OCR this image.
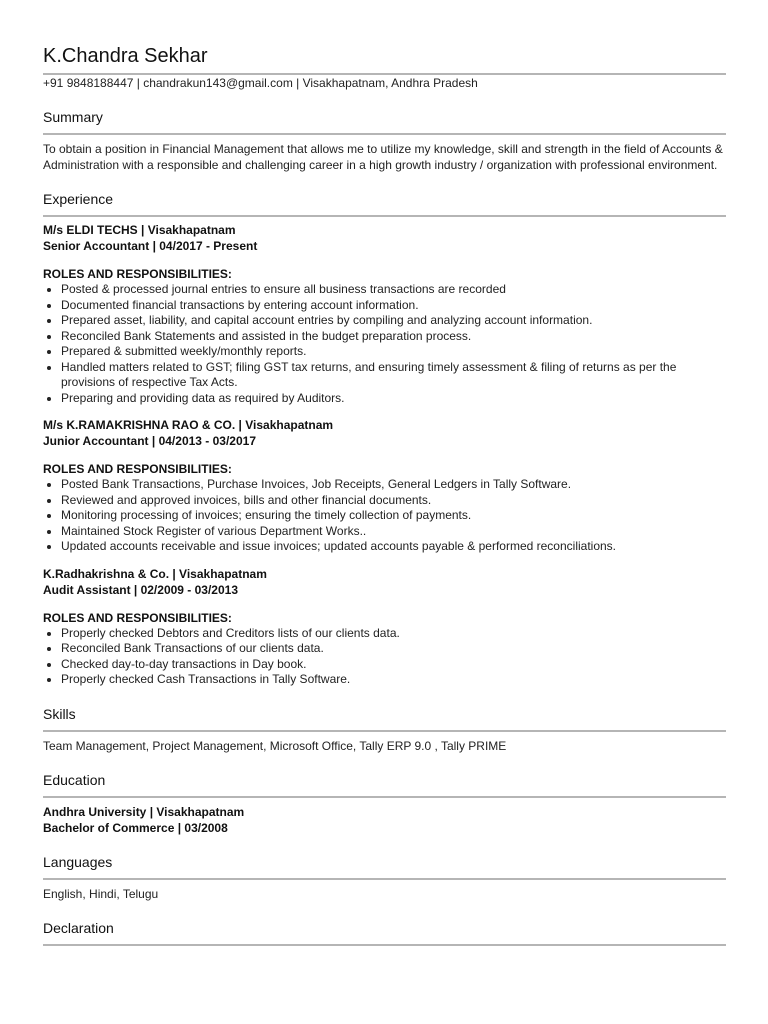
K.Chandra Sekhar
+91 9848188447 | chandrakun143@gmail.com | Visakhapatnam, Andhra Pradesh
Summary
To obtain a position in Financial Management that allows me to utilize my knowledge, skill and strength in the field of Accounts & Administration with a responsible and challenging career in a high growth industry / organization with professional environment.
Experience
M/s ELDI TECHS | Visakhapatnam
Senior Accountant | 04/2017 - Present
ROLES AND RESPONSIBILITIES:
• Posted & processed journal entries to ensure all business transactions are recorded
• Documented financial transactions by entering account information.
• Prepared asset, liability, and capital account entries by compiling and analyzing account information.
• Reconciled Bank Statements and assisted in the budget preparation process.
• Prepared & submitted weekly/monthly reports.
• Handled matters related to GST; filing GST tax returns, and ensuring timely assessment & filing of returns as per the provisions of respective Tax Acts.
• Preparing and providing data as required by Auditors.
M/s K.RAMAKRISHNA RAO & CO. | Visakhapatnam
Junior Accountant | 04/2013 - 03/2017
ROLES AND RESPONSIBILITIES:
• Posted Bank Transactions, Purchase Invoices, Job Receipts, General Ledgers in Tally Software.
• Reviewed and approved invoices, bills and other financial documents.
• Monitoring processing of invoices; ensuring the timely collection of payments.
• Maintained Stock Register of various Department Works..
• Updated accounts receivable and issue invoices; updated accounts payable & performed reconciliations.
K.Radhakrishna & Co. | Visakhapatnam
Audit Assistant | 02/2009 - 03/2013
ROLES AND RESPONSIBILITIES:
• Properly checked Debtors and Creditors lists of our clients data.
• Reconciled Bank Transactions of our clients data.
• Checked day-to-day transactions in Day book.
• Properly checked Cash Transactions in Tally Software.
Skills
Team Management, Project Management, Microsoft Office, Tally ERP 9.0 , Tally PRIME
Education
Andhra University | Visakhapatnam
Bachelor of Commerce | 03/2008
Languages
English, Hindi, Telugu
Declaration
